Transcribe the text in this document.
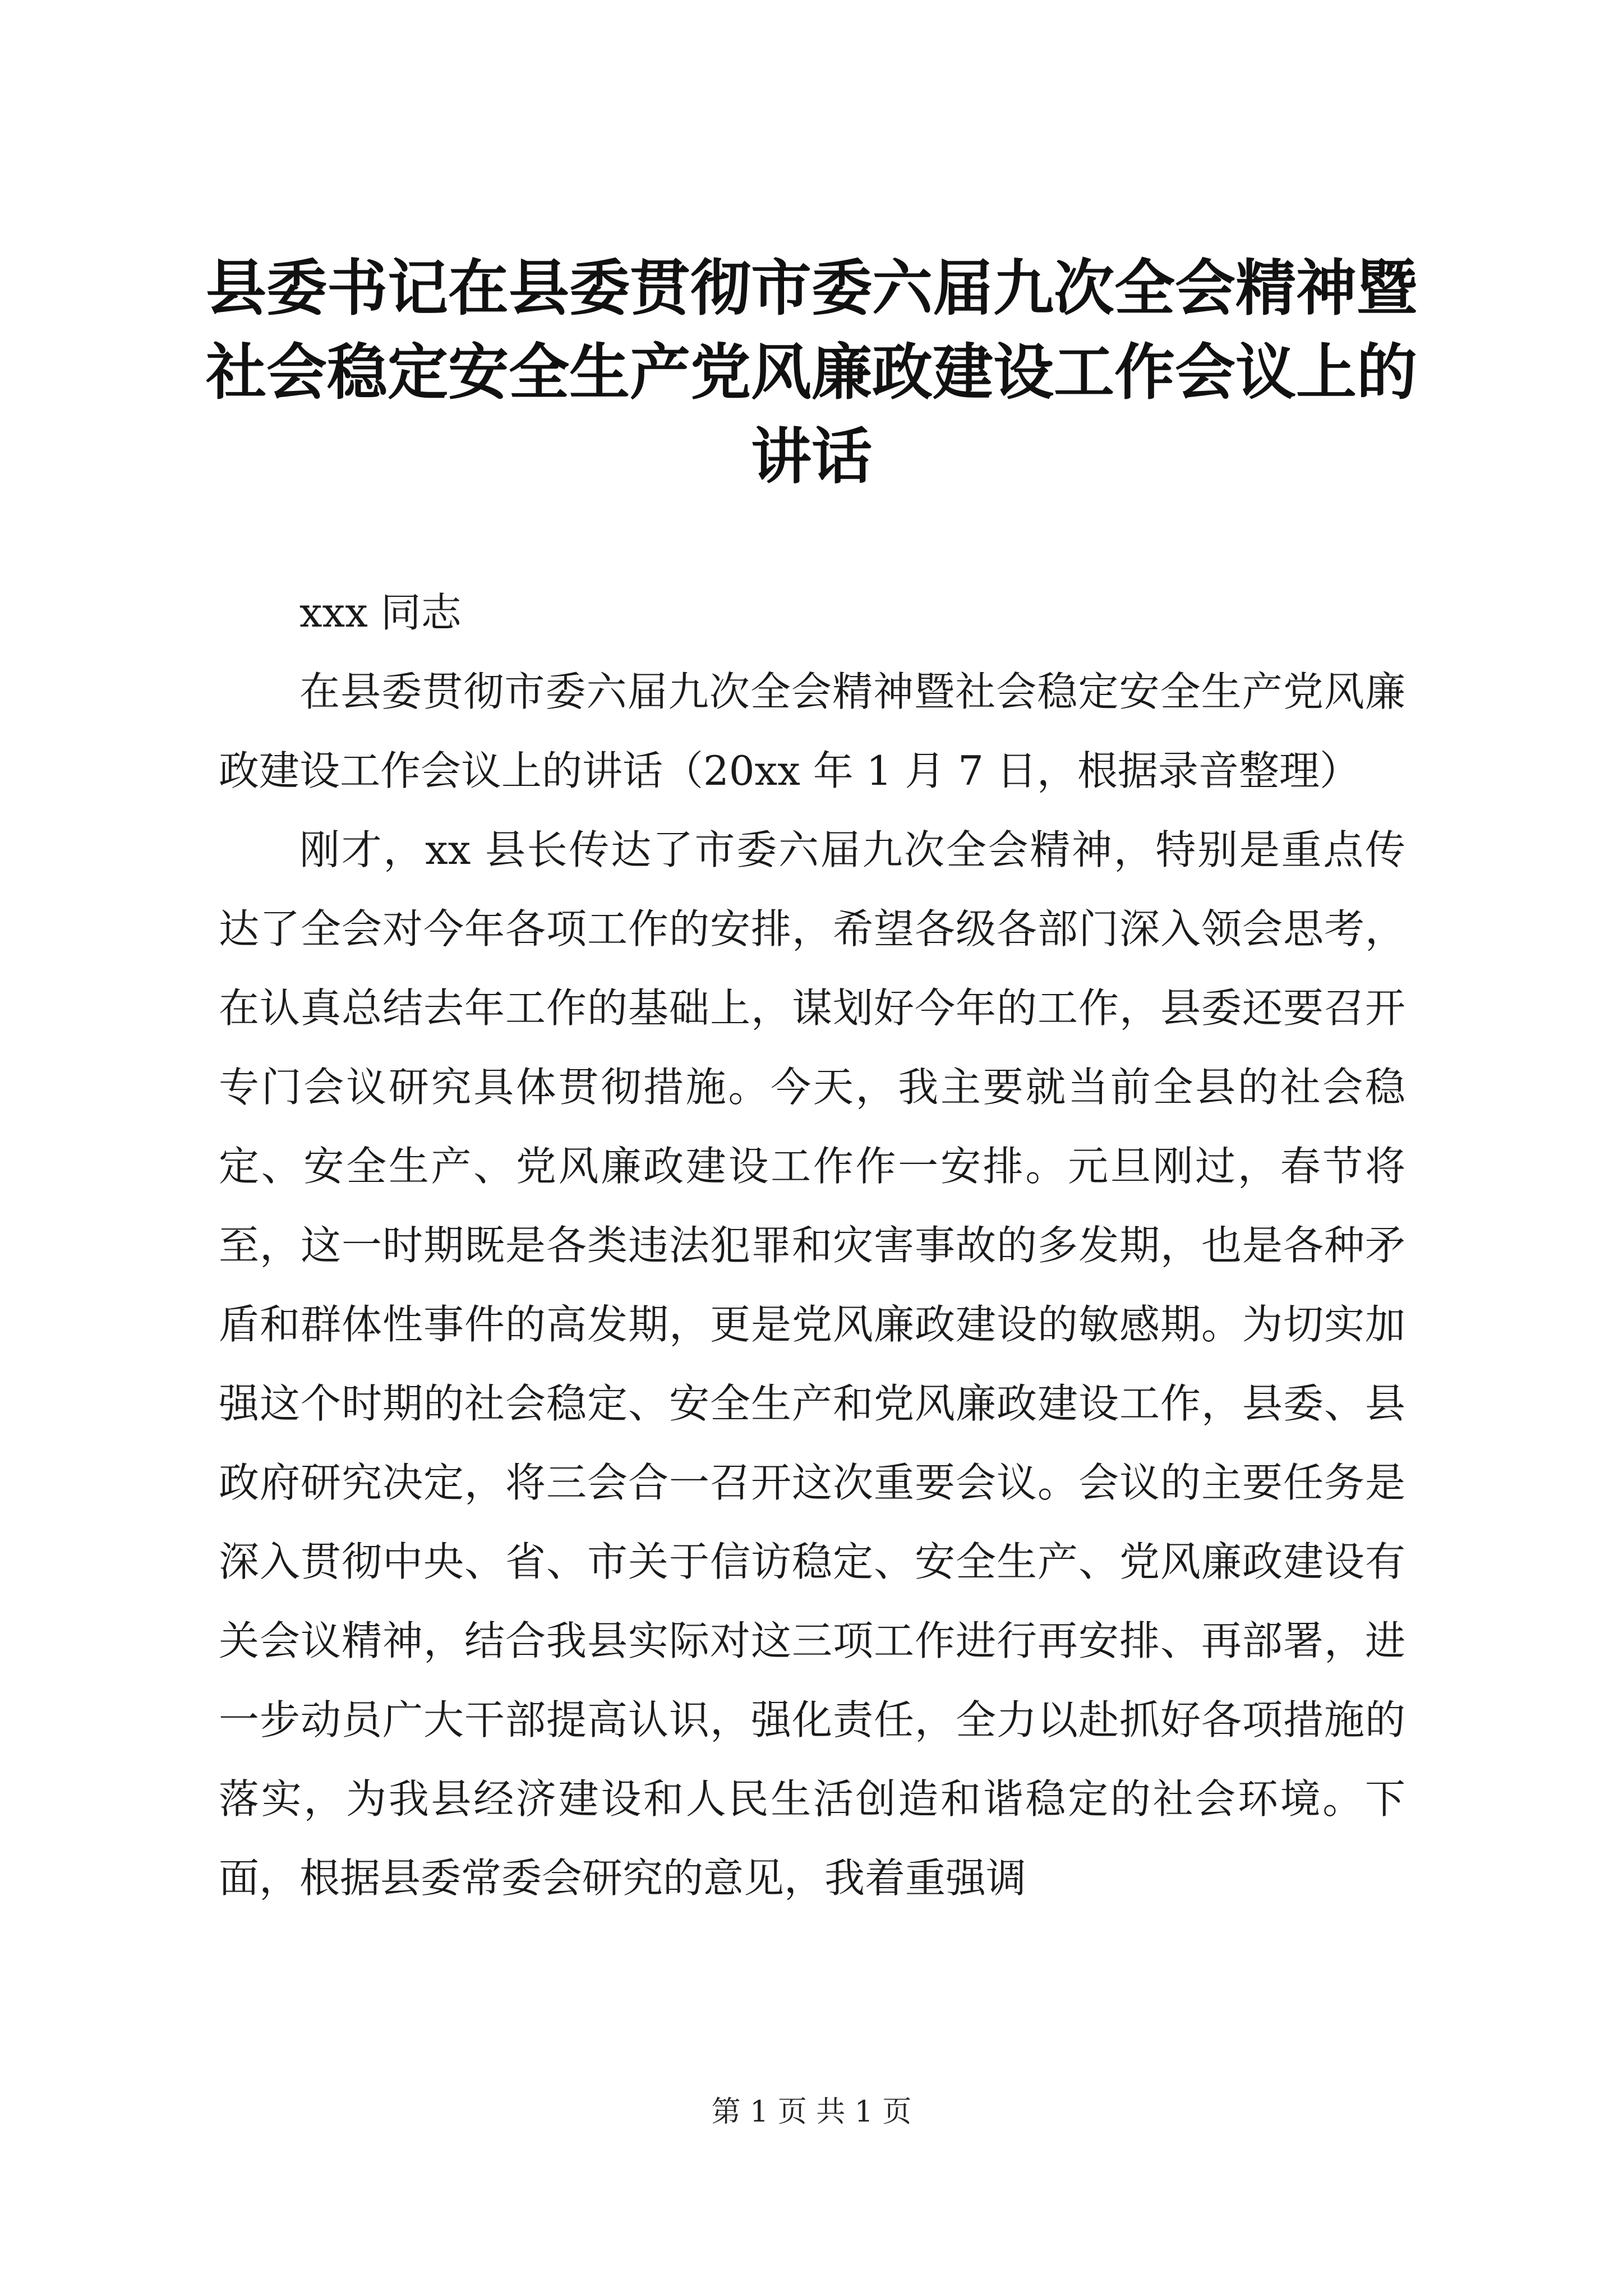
县委书记在县委贯彻市委六届九次全会精神暨
社会稳定安全生产党风廉政建设工作会议上的
讲话

xxx 同志

在县委贯彻市委六届九次全会精神暨社会稳定安全生产党风廉政建设工作会议上的讲话（20xx 年 1 月 7 日，根据录音整理）

刚才，xx 县长传达了市委六届九次全会精神，特别是重点传达了全会对今年各项工作的安排，希望各级各部门深入领会思考，在认真总结去年工作的基础上，谋划好今年的工作，县委还要召开专门会议研究具体贯彻措施。今天，我主要就当前全县的社会稳定、安全生产、党风廉政建设工作作一安排。元旦刚过，春节将至，这一时期既是各类违法犯罪和灾害事故的多发期，也是各种矛盾和群体性事件的高发期，更是党风廉政建设的敏感期。为切实加强这个时期的社会稳定、安全生产和党风廉政建设工作，县委、县政府研究决定，将三会合一召开这次重要会议。会议的主要任务是深入贯彻中央、省、市关于信访稳定、安全生产、党风廉政建设有关会议精神，结合我县实际对这三项工作进行再安排、再部署，进一步动员广大干部提高认识，强化责任，全力以赴抓好各项措施的落实，为我县经济建设和人民生活创造和谐稳定的社会环境。下面，根据县委常委会研究的意见，我着重强调

第 1 页 共 1 页
